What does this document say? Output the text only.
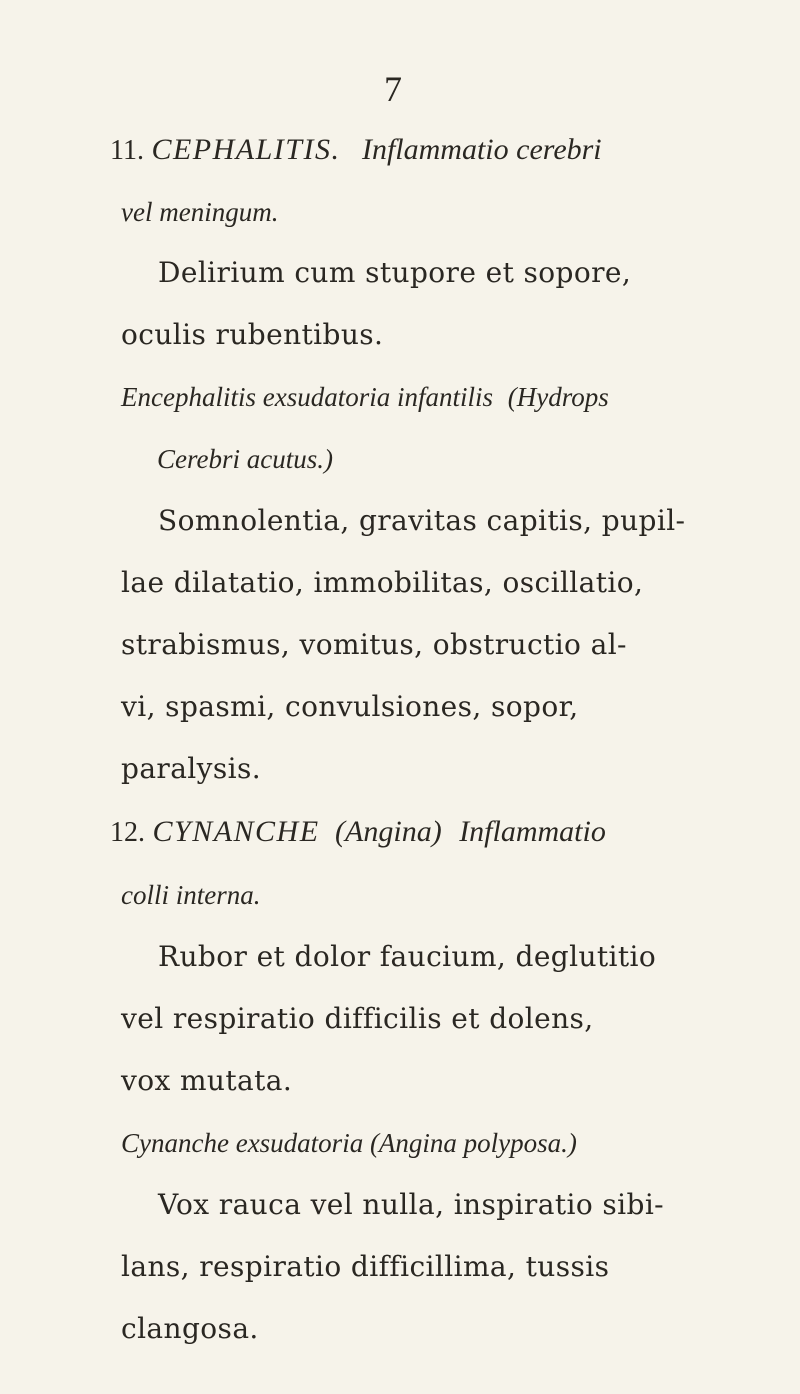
7
11. CEPHALITIS. Inflammatio cerebri
vel meningum.
Delirium cum stupore et sopore,
oculis rubentibus.
Encephalitis exsudatoria infantilis (Hydrops
Cerebri acutus.)
Somnolentia, gravitas capitis, pupil-
lae dilatatio, immobilitas, oscillatio,
strabismus, vomitus, obstructio al-
vi, spasmi, convulsiones, sopor,
paralysis.
12. CYNANCHE (Angina) Inflammatio
colli interna.
Rubor et dolor faucium, deglutitio
vel respiratio difficilis et dolens,
vox mutata.
Cynanche exsudatoria (Angina polyposa.)
Vox rauca vel nulla, inspiratio sibi-
lans, respiratio difficillima, tussis
clangosa.
